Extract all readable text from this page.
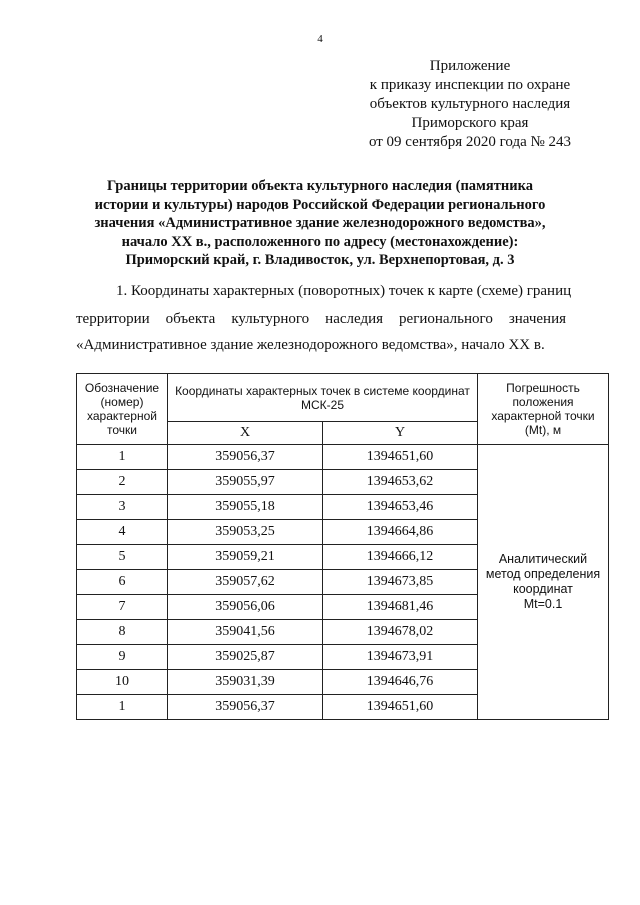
4
Приложение
к приказу инспекции по охране
объектов культурного наследия
Приморского края
от 09 сентября 2020 года № 243
Границы территории объекта культурного наследия (памятника
истории и культуры) народов Российской Федерации регионального
значения «Административное здание железнодорожного ведомства»,
начало XX в., расположенного по адресу (местонахождение):
Приморский край, г. Владивосток, ул. Верхнепортовая, д. 3
1. Координаты характерных (поворотных) точек к карте (схеме) границ
территории объекта культурного наследия регионального значения
«Административное здание железнодорожного ведомства», начало XX в.
Обозначение (номер) характерной точки	Координаты характерных точек в системе координат МСК-25		Погрешность положения характерной точки (Mt), м
	X	Y	
1	359056,37	1394651,60	Аналитический
метод определения
координат
Mt=0.1

2	359055,97	1394653,62	
3	359055,18	1394653,46	
4	359053,25	1394664,86	
5	359059,21	1394666,12	
6	359057,62	1394673,85	
7	359056,06	1394681,46	
8	359041,56	1394678,02	
9	359025,87	1394673,91	
10	359031,39	1394646,76	
1	359056,37	1394651,60	
